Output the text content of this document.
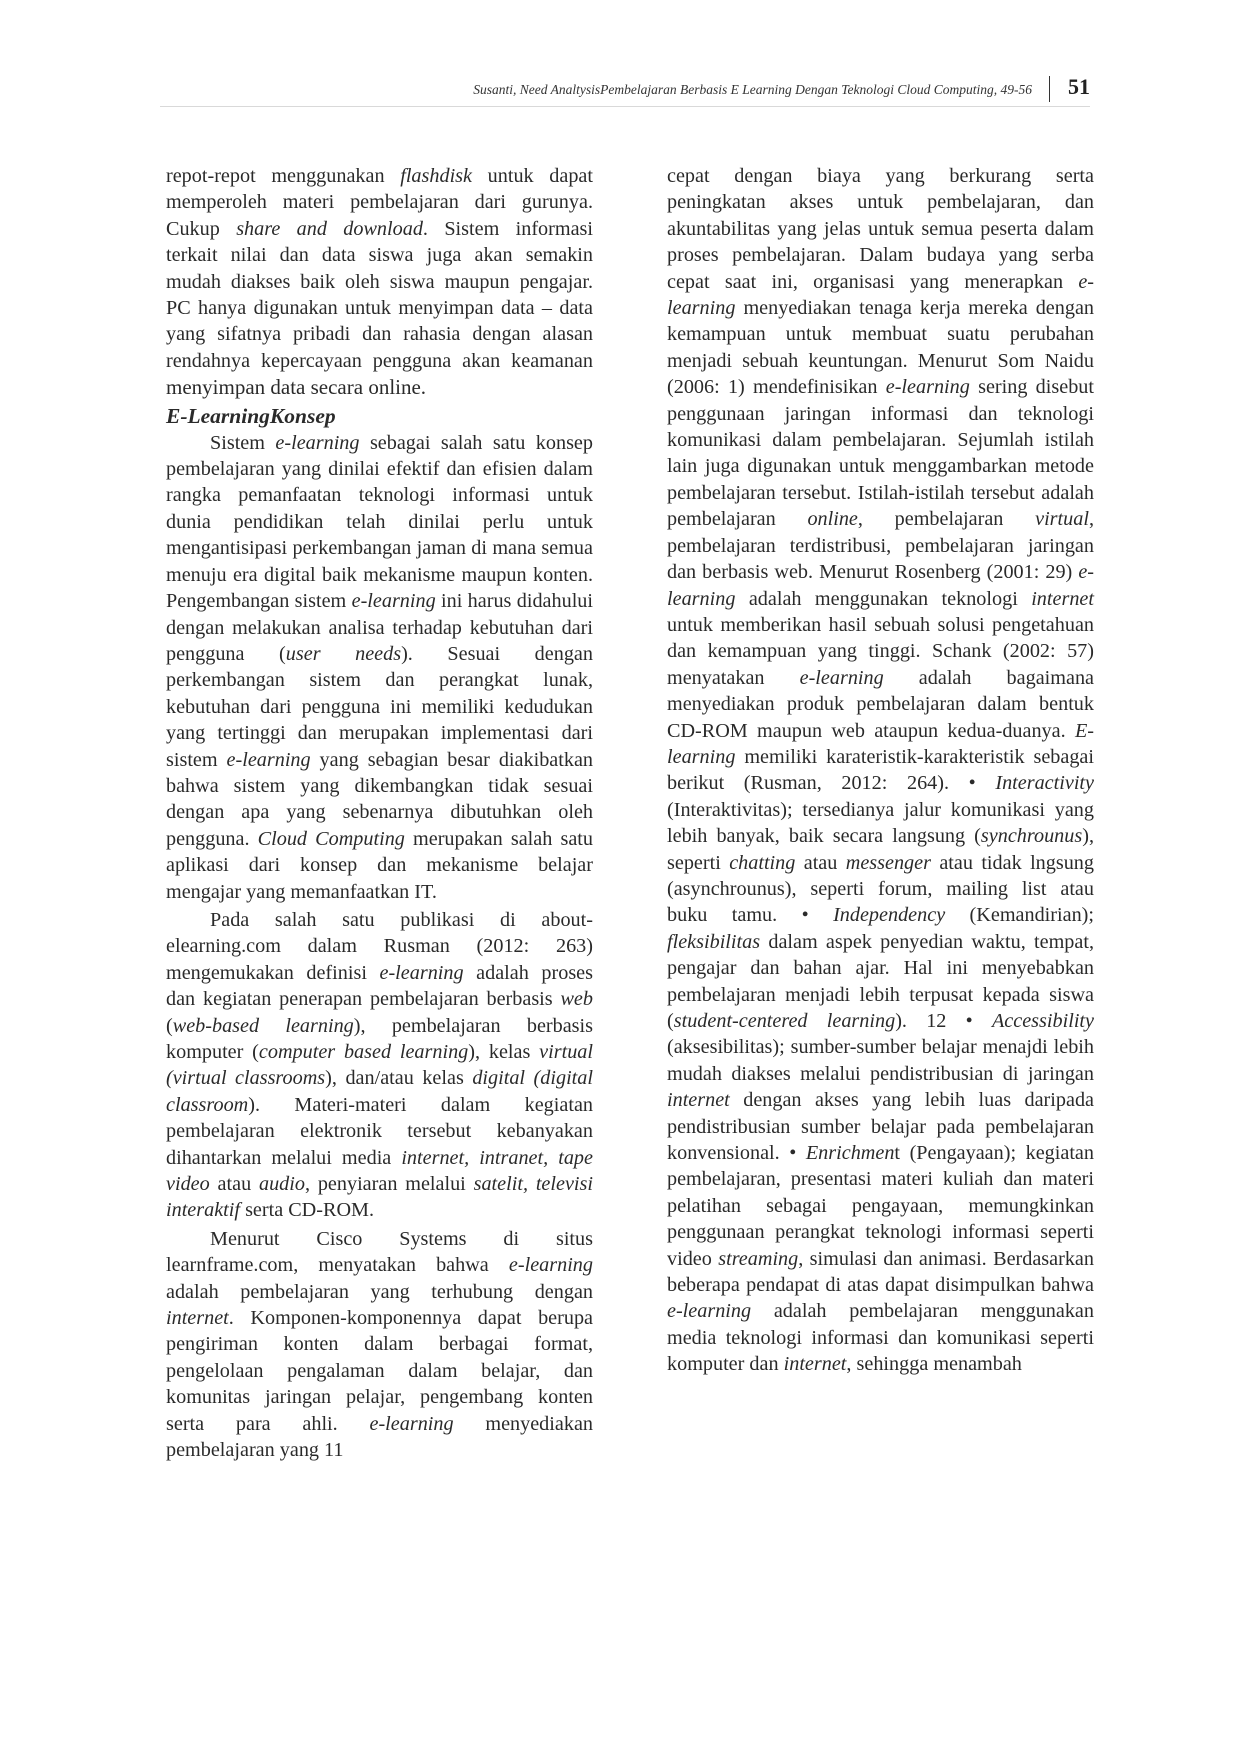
Susanti, Need AnaltysisPembelajaran Berbasis E Learning Dengan Teknologi Cloud Computing, 49-56 51

repot-repot menggunakan flashdisk untuk dapat memperoleh materi pembelajaran dari gurunya. Cukup share and download. Sistem informasi terkait nilai dan data siswa juga akan semakin mudah diakses baik oleh siswa maupun pengajar. PC hanya digunakan untuk menyimpan data – data yang sifatnya pribadi dan rahasia dengan alasan rendahnya kepercayaan pengguna akan keamanan menyimpan data secara online.

E-LearningKonsep

Sistem e-learning sebagai salah satu konsep pembelajaran yang dinilai efektif dan efisien dalam rangka pemanfaatan teknologi informasi untuk dunia pendidikan telah dinilai perlu untuk mengantisipasi perkembangan jaman di mana semua menuju era digital baik mekanisme maupun konten. Pengembangan sistem e-learning ini harus didahului dengan melakukan analisa terhadap kebutuhan dari pengguna (user needs). Sesuai dengan perkembangan sistem dan perangkat lunak, kebutuhan dari pengguna ini memiliki kedudukan yang tertinggi dan merupakan implementasi dari sistem e-learning yang sebagian besar diakibatkan bahwa sistem yang dikembangkan tidak sesuai dengan apa yang sebenarnya dibutuhkan oleh pengguna. Cloud Computing merupakan salah satu aplikasi dari konsep dan mekanisme belajar mengajar yang memanfaatkan IT.

Pada salah satu publikasi di about-elearning.com dalam Rusman (2012: 263) mengemukakan definisi e-learning adalah proses dan kegiatan penerapan pembelajaran berbasis web (web-based learning), pembelajaran berbasis komputer (computer based learning), kelas virtual (virtual classrooms), dan/atau kelas digital (digital classroom). Materi-materi dalam kegiatan pembelajaran elektronik tersebut kebanyakan dihantarkan melalui media internet, intranet, tape video atau audio, penyiaran melalui satelit, televisi interaktif serta CD-ROM.

Menurut Cisco Systems di situs learnframe.com, menyatakan bahwa e-learning adalah pembelajaran yang terhubung dengan internet. Komponen-komponennya dapat berupa pengiriman konten dalam berbagai format, pengelolaan pengalaman dalam belajar, dan komunitas jaringan pelajar, pengembang konten serta para ahli. e-learning menyediakan pembelajaran yang 11

cepat dengan biaya yang berkurang serta peningkatan akses untuk pembelajaran, dan akuntabilitas yang jelas untuk semua peserta dalam proses pembelajaran. Dalam budaya yang serba cepat saat ini, organisasi yang menerapkan e-learning menyediakan tenaga kerja mereka dengan kemampuan untuk membuat suatu perubahan menjadi sebuah keuntungan. Menurut Som Naidu (2006: 1) mendefinisikan e-learning sering disebut penggunaan jaringan informasi dan teknologi komunikasi dalam pembelajaran. Sejumlah istilah lain juga digunakan untuk menggambarkan metode pembelajaran tersebut. Istilah-istilah tersebut adalah pembelajaran online, pembelajaran virtual, pembelajaran terdistribusi, pembelajaran jaringan dan berbasis web. Menurut Rosenberg (2001: 29) e-learning adalah menggunakan teknologi internet untuk memberikan hasil sebuah solusi pengetahuan dan kemampuan yang tinggi. Schank (2002: 57) menyatakan e-learning adalah bagaimana menyediakan produk pembelajaran dalam bentuk CD-ROM maupun web ataupun kedua-duanya. E-learning memiliki karateristik-karakteristik sebagai berikut (Rusman, 2012: 264). • Interactivity (Interaktivitas); tersedianya jalur komunikasi yang lebih banyak, baik secara langsung (synchrounus), seperti chatting atau messenger atau tidak lngsung (asynchrounus), seperti forum, mailing list atau buku tamu. • Independency (Kemandirian); fleksibilitas dalam aspek penyedian waktu, tempat, pengajar dan bahan ajar. Hal ini menyebabkan pembelajaran menjadi lebih terpusat kepada siswa (student-centered learning). 12 • Accessibility (aksesibilitas); sumber-sumber belajar menajdi lebih mudah diakses melalui pendistribusian di jaringan internet dengan akses yang lebih luas daripada pendistribusian sumber belajar pada pembelajaran konvensional. • Enrichment (Pengayaan); kegiatan pembelajaran, presentasi materi kuliah dan materi pelatihan sebagai pengayaan, memungkinkan penggunaan perangkat teknologi informasi seperti video streaming, simulasi dan animasi. Berdasarkan beberapa pendapat di atas dapat disimpulkan bahwa e-learning adalah pembelajaran menggunakan media teknologi informasi dan komunikasi seperti komputer dan internet, sehingga menambah
